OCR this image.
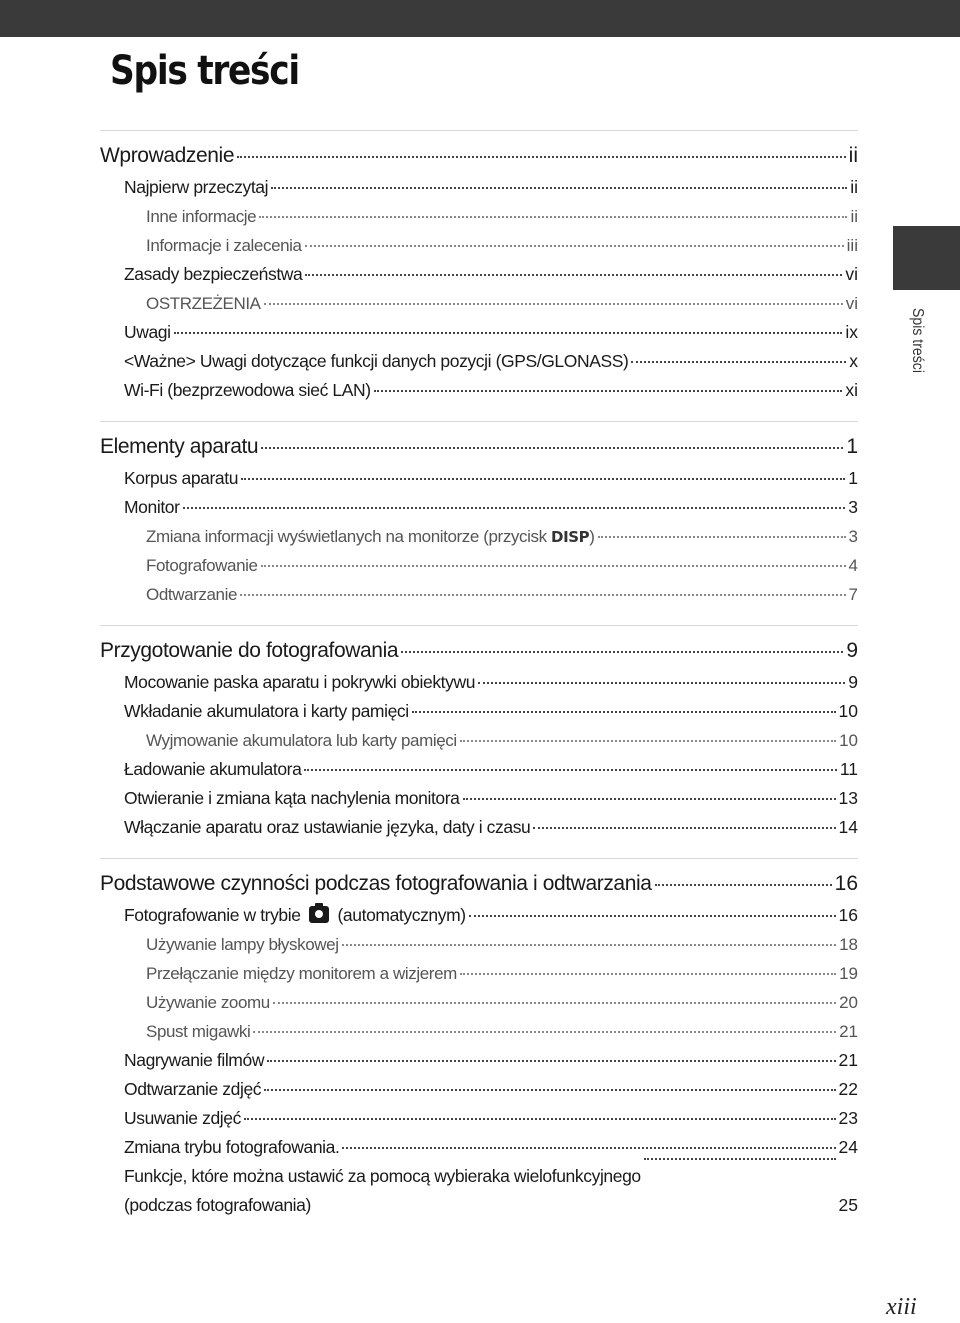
Spis treści
Spis treści
Wprowadzenie	ii
Najpierw przeczytaj	ii
Inne informacje	ii
Informacje i zalecenia	iii
Zasady bezpieczeństwa	vi
OSTRZEŻENIA	vi
Uwagi	ix
<Ważne> Uwagi dotyczące funkcji danych pozycji (GPS/GLONASS)	x
Wi-Fi (bezprzewodowa sieć LAN)	xi
Elementy aparatu	1
Korpus aparatu	1
Monitor	3
Zmiana informacji wyświetlanych na monitorze (przycisk DISP)	3
Fotografowanie	4
Odtwarzanie	7
Przygotowanie do fotografowania	9
Mocowanie paska aparatu i pokrywki obiektywu	9
Wkładanie akumulatora i karty pamięci	10
Wyjmowanie akumulatora lub karty pamięci	10
Ładowanie akumulatora	11
Otwieranie i zmiana kąta nachylenia monitora	13
Włączanie aparatu oraz ustawianie języka, daty i czasu	14
Podstawowe czynności podczas fotografowania i odtwarzania	16
Fotografowanie w trybie  (automatycznym)	16
Używanie lampy błyskowej	18
Przełączanie między monitorem a wizjerem	19
Używanie zoomu	20
Spust migawki	21
Nagrywanie filmów	21
Odtwarzanie zdjęć	22
Usuwanie zdjęć	23
Zmiana trybu fotografowania.	24
Funkcje, które można ustawić za pomocą wybieraka wielofunkcyjnego
(podczas fotografowania)	25
xiii
